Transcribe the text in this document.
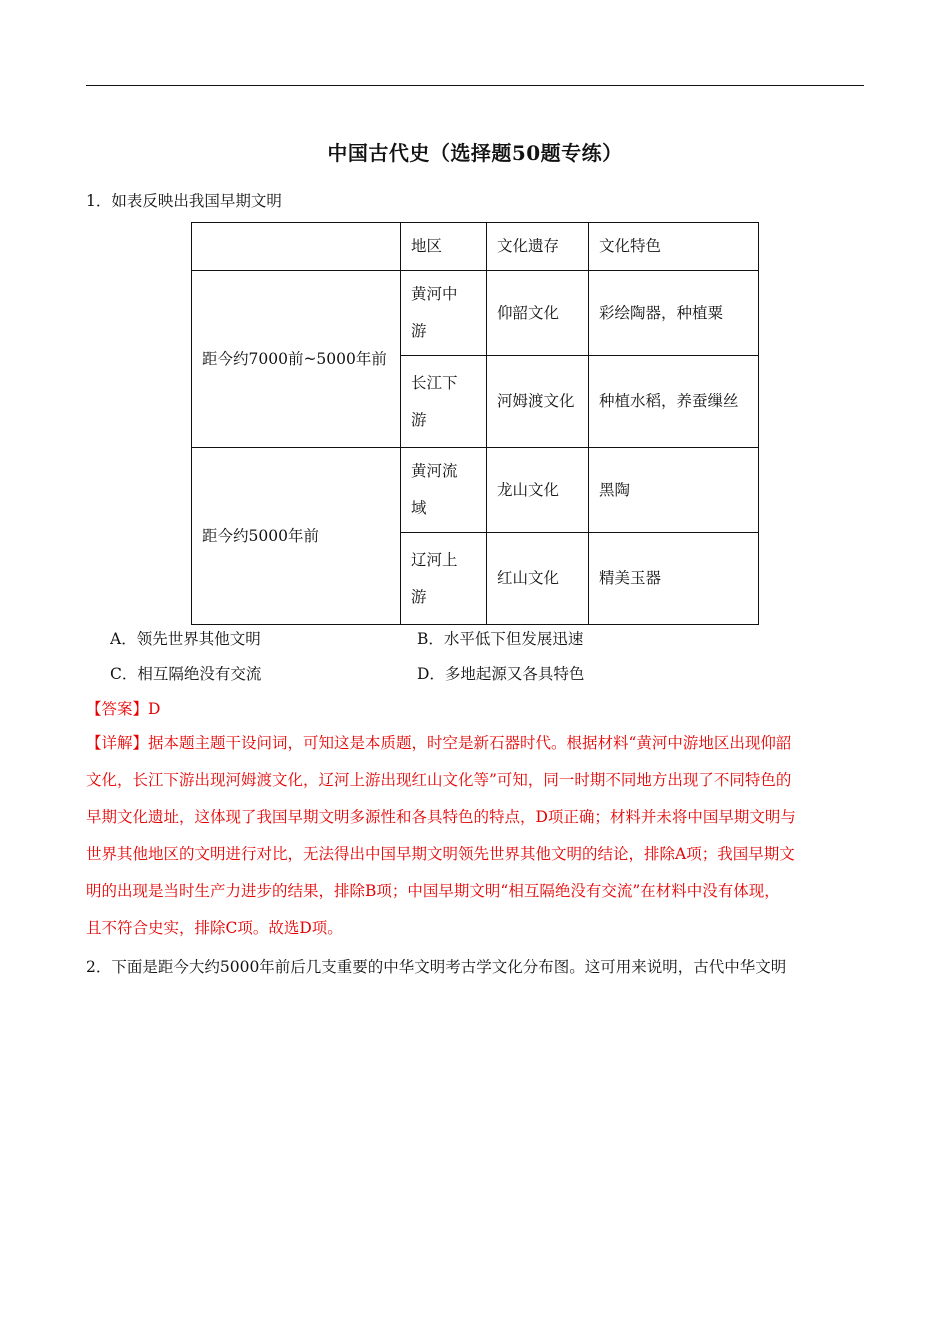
中国古代史（选择题50题专练）
1．如表反映出我国早期文明
	地区	文化遗存	文化特色
距今约7000前~5000年前	黄河中
游	仰韶文化	彩绘陶器，种植粟

	长江下
游	河姆渡文化	种植水稻，养蚕缫丝
距今约5000年前	黄河流
域	龙山文化	黑陶

	辽河上
游	红山文化	精美玉器
A．领先世界其他文明	B．水平低下但发展迅速
C．相互隔绝没有交流	D．多地起源又各具特色
【答案】D

【详解】据本题主题干设问词，可知这是本质题，时空是新石器时代。根据材料“黄河中游地区出现仰韶

文化，长江下游出现河姆渡文化，辽河上游出现红山文化等”可知，同一时期不同地方出现了不同特色的

早期文化遗址，这体现了我国早期文明多源性和各具特色的特点，D项正确；材料并未将中国早期文明与

世界其他地区的文明进行对比，无法得出中国早期文明领先世界其他文明的结论，排除A项；我国早期文

明的出现是当时生产力进步的结果，排除B项；中国早期文明“相互隔绝没有交流”在材料中没有体现，

且不符合史实，排除C项。故选D项。

2．下面是距今大约5000年前后几支重要的中华文明考古学文化分布图。这可用来说明，古代中华文明
